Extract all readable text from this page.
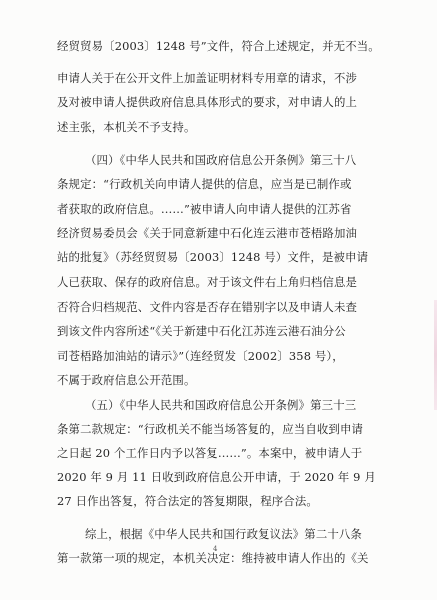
经贸贸易〔2003〕1248 号”文件，符合上述规定，并无不当。
申请人关于在公开文件上加盖证明材料专用章的请求，不涉
及对被申请人提供政府信息具体形式的要求，对申请人的上
述主张，本机关不予支持。
（四）《中华人民共和国政府信息公开条例》第三十八
条规定：“行政机关向申请人提供的信息，应当是已制作或
者获取的政府信息。……”被申请人向申请人提供的江苏省
经济贸易委员会《关于同意新建中石化连云港市苍梧路加油
站的批复》（苏经贸贸易〔2003〕1248 号）文件，是被申请
人已获取、保存的政府信息。对于该文件右上角归档信息是
否符合归档规范、文件内容是否存在错别字以及申请人未查
到该文件内容所述“《关于新建中石化江苏连云港石油分公
司苍梧路加油站的请示》”（连经贸发〔2002〕358 号），
不属于政府信息公开范围。
（五）《中华人民共和国政府信息公开条例》第三十三
条第二款规定：“行政机关不能当场答复的，应当自收到申请
之日起 20 个工作日内予以答复……”。本案中，被申请人于
2020 年 9 月 11 日收到政府信息公开申请，于 2020 年 9 月
27 日作出答复，符合法定的答复期限，程序合法。
综上，根据《中华人民共和国行政复议法》第二十八条
第一款第一项的规定，本机关决定：维持被申请人作出的《关
4
